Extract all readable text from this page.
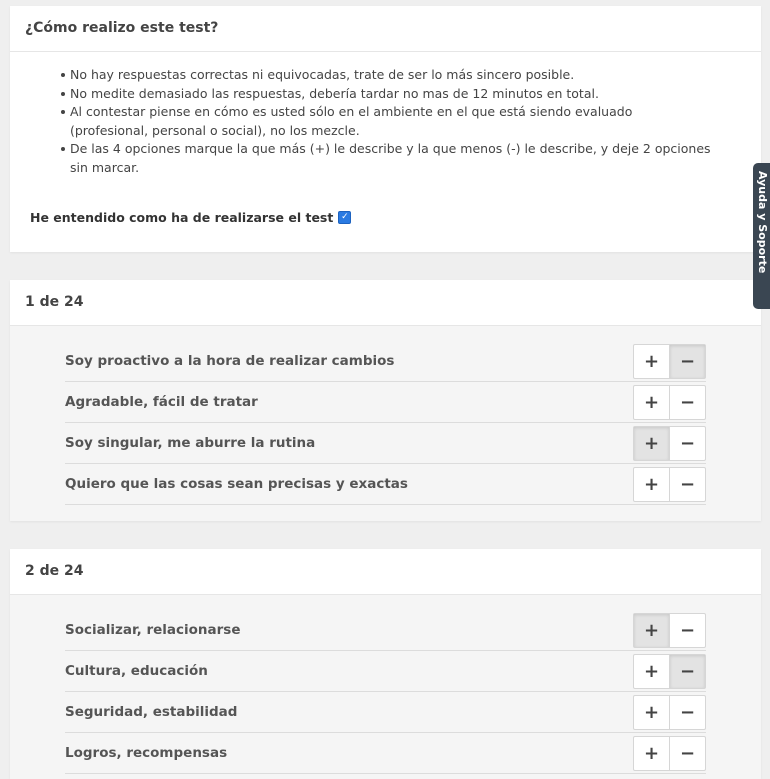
¿Cómo realizo este test?
No hay respuestas correctas ni equivocadas, trate de ser lo más sincero posible.
No medite demasiado las respuestas, debería tardar no mas de 12 minutos en total.
Al contestar piense en cómo es usted sólo en el ambiente en el que está siendo evaluado (profesional, personal o social), no los mezcle.
De las 4 opciones marque la que más (+) le describe y la que menos (-) le describe, y deje 2 opciones sin marcar.
He entendido como ha de realizarse el test ✓
1 de 24
Soy proactivo a la hora de realizar cambios	+	−
Agradable, fácil de tratar	+	−
Soy singular, me aburre la rutina	+	−
Quiero que las cosas sean precisas y exactas	+	−
2 de 24
Socializar, relacionarse	+	−
Cultura, educación	+	−
Seguridad, estabilidad	+	−
Logros, recompensas	+	−
Ayuda y Soporte
